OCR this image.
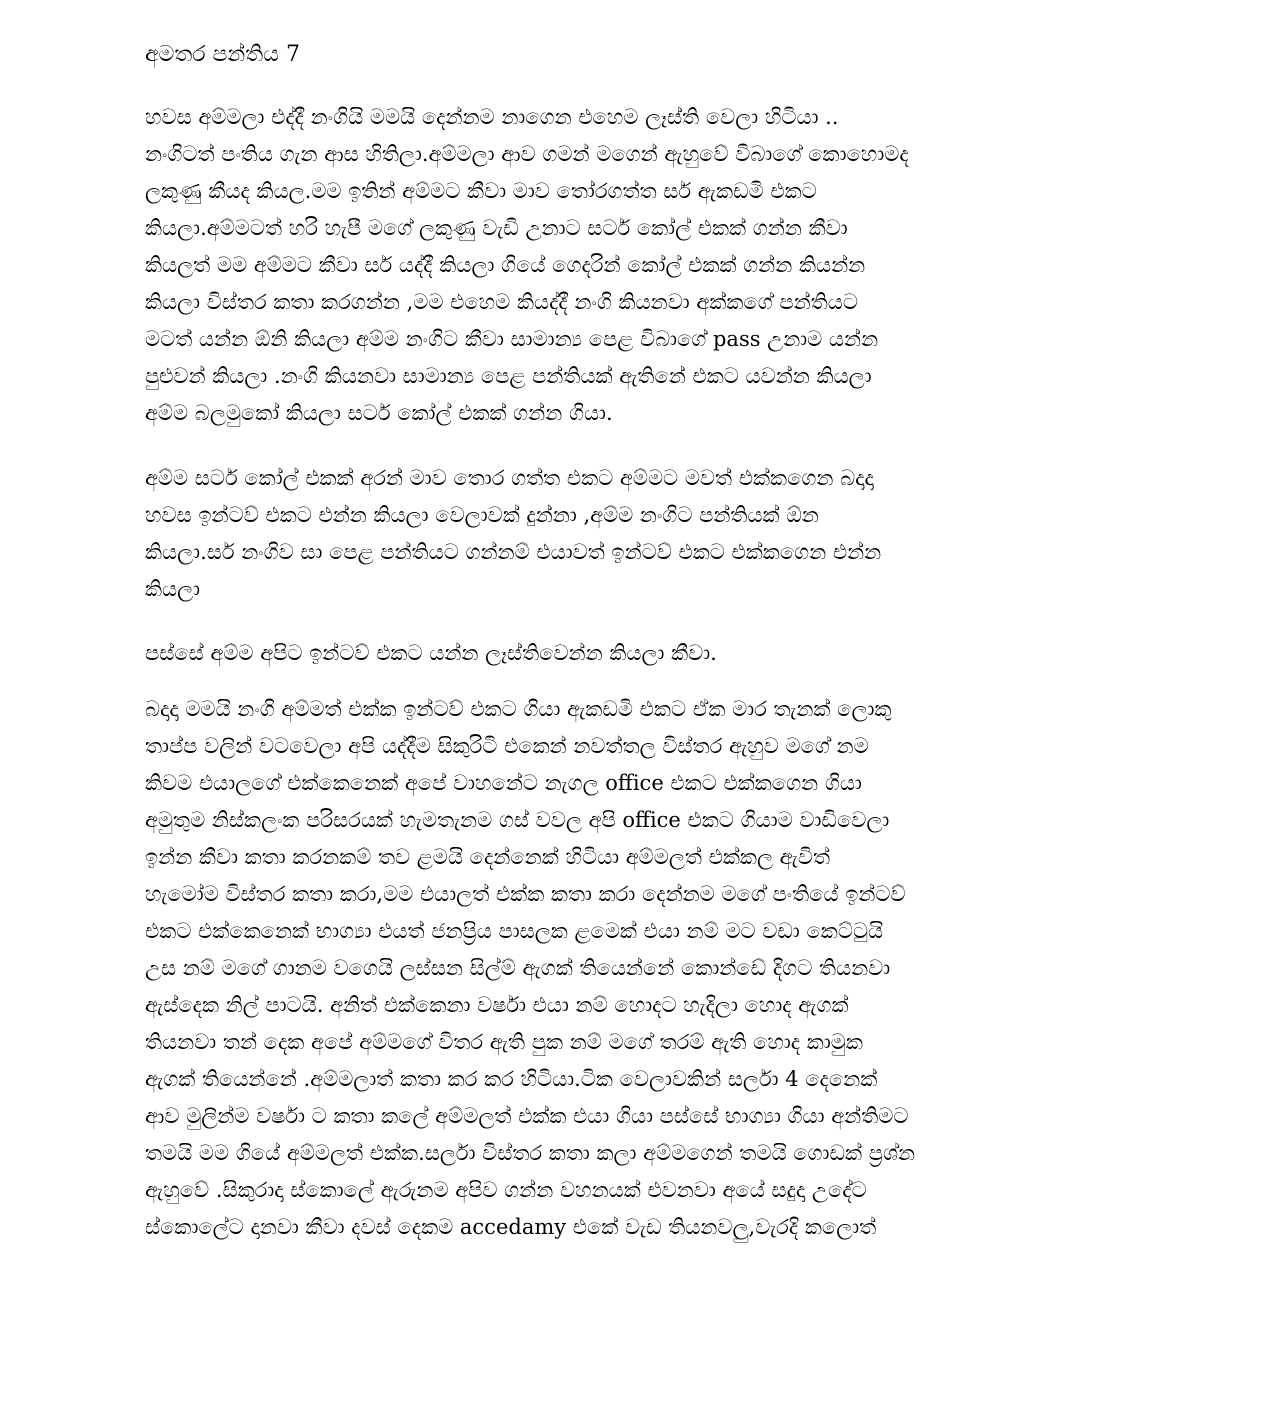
අමතර පන්තිය 7
හවස අම්මලා එද්දී නංගියි මමයි දෙන්නම නාගෙන එහෙම ලෑස්ති වෙලා හිටියා ..
නංගිටත් පංතිය ගැන ආස හිතිලා.අම්මලා ආව ගමන් මගෙන් ඇහුවේ විබාගේ කොහොමද
ලකුණු කීයද කියල.මම ඉතින් අම්මට කීවා මාව තෝරගත්ත සර් ඇකඩමි එකට
කියලා.අම්මටත් හරි හැපී මගේ ලකුණු වැඩි උනාට සර්ට කෝල් එකක් ගන්න කීවා
කියලත් මම අම්මට කීවා සර් යද්දී කියලා ගියේ ගෙදරින් කෝල් එකක් ගන්න කියන්න
කියලා විස්තර කතා කරගන්න ,මම එහෙම කියද්දී නංගි කියනවා අක්කගේ පන්තියට
මටත් යන්න ඕනි කියලා අම්ම නංගිට කීවා සාමාන්‍ය පෙළ විබාගේ pass උනාම යන්න
පුළුවන් කියලා .නංගි කියනවා සාමාන්‍ය පෙළ පන්තියක් ඇතිනේ එකට යවන්න කියලා
අම්ම බලමුකෝ කියලා සර්ට කෝල් එකක් ගන්න ගියා.
අම්ම සර්ට කෝල් එකක් අරන් මාව තොර ගත්ත එකට අම්මට මවත් එක්කගෙන බදාදා
හවස ඉන්ටව් එකට එන්න කියලා වෙලාවක් දුන්නා ,අම්ම නංගිට පන්තියක් ඕන
කියලා.සර් නංගිව සා පෙළ පන්තියට ගන්නම් එයාවත් ඉන්ටව් එකට එක්කගෙන එන්න
කියලා
පස්සේ අම්ම අපිට ඉන්ටව් එකට යන්න ලෑස්තිවෙන්න කියලා කීවා.
බදාදා මමයි නංගි අම්මත් එක්ක ඉන්ටව් එකට ගියා ඇකඩමි එකට ඒක මාර තැනක් ලොකු
තාප්ප වලින් වටවෙලා අපි යද්දීම සිකුරිටි එකෙන් නවත්තල විස්තර ඇහුව මගේ නම
කිවම එයාලගේ එක්කෙනෙක් අපේ වාහනේට නැගල office එකට එක්කගෙන ගියා
අමුතුම නිස්කලංක පරිසරයක් හැමතැනම ගස් වවල අපි office එකට ගියාම වාඩිවෙලා
ඉන්න කීවා කතා කරනකම් තව ළමයි දෙන්නෙක් හිටියා අම්මලත් එක්කල ඇවිත්
හැමෝම විස්තර කතා කරා,මම එයාලත් එක්ක කතා කරා දෙන්නම මගේ පංතියේ ඉන්ටව්
එකට එක්කෙනෙක් භාග්‍යා එයත් ජනප්‍රිය පාසලක ළමෙක් එයා නම් මට වඩා කෙට්ටුයි
උස නම් මගේ ගානම වගෙයි ලස්සන සිල්ම් ඇගක් තියෙන්නේ කොන්ඩේ දිගට තියනවා
ඇස්දෙක නිල් පාටයි. අනිත් එක්කෙනා වර්ෂා එයා නම් හොදට හැදිලා හොද ඇගක්
තියනවා තන් දෙක අපේ අම්මගේ විතර ඇති පුක නම් මගේ තරම් ඇති හොද කාමුක
ඇගක් තියෙන්නේ .අම්මලාත් කතා කර කර හිටියා.ටික වෙලාවකින් සර්ලා 4 දෙනෙක්
ආව මුලින්ම වර්ෂා ට කතා කලේ අම්මලත් එක්ක එයා ගියා පස්සේ භාග්‍යා ගියා අන්තිමට
තමයි මම ගියේ අම්මලත් එක්ක.සර්ලා විස්තර කතා කලා අම්මගෙන් තමයි ගොඩක් ප්‍රශ්න
ඇහුවේ .සිකුරාදා ස්කොලේ ඇරුනම අපිව ගන්න වහනයක් එවනවා අයේ සදුදා උදේට
ස්කොලේට දානවා කීවා දවස් දෙකම accedamy එකේ වැඩ තියනවලු,වැරදි කලොත්
